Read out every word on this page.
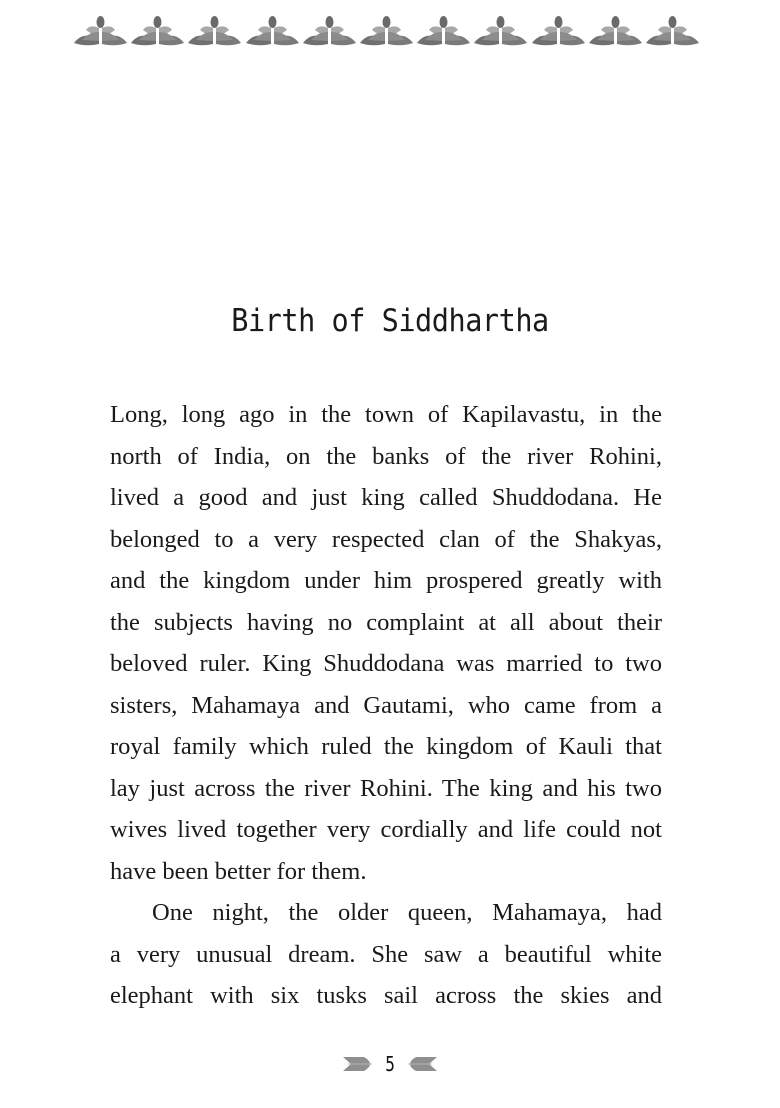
Birth of Siddhartha

Long, long ago in the town of Kapilavastu, in the
north of India, on the banks of the river Rohini,
lived a good and just king called Shuddodana. He
belonged to a very respected clan of the Shakyas,
and the kingdom under him prospered greatly with
the subjects having no complaint at all about their
beloved ruler. King Shuddodana was married to two
sisters, Mahamaya and Gautami, who came from a
royal family which ruled the kingdom of Kauli that
lay just across the river Rohini. The king and his two
wives lived together very cordially and life could not
have been better for them.

One night, the older queen, Mahamaya, had
a very unusual dream. She saw a beautiful white
elephant with six tusks sail across the skies and

5
